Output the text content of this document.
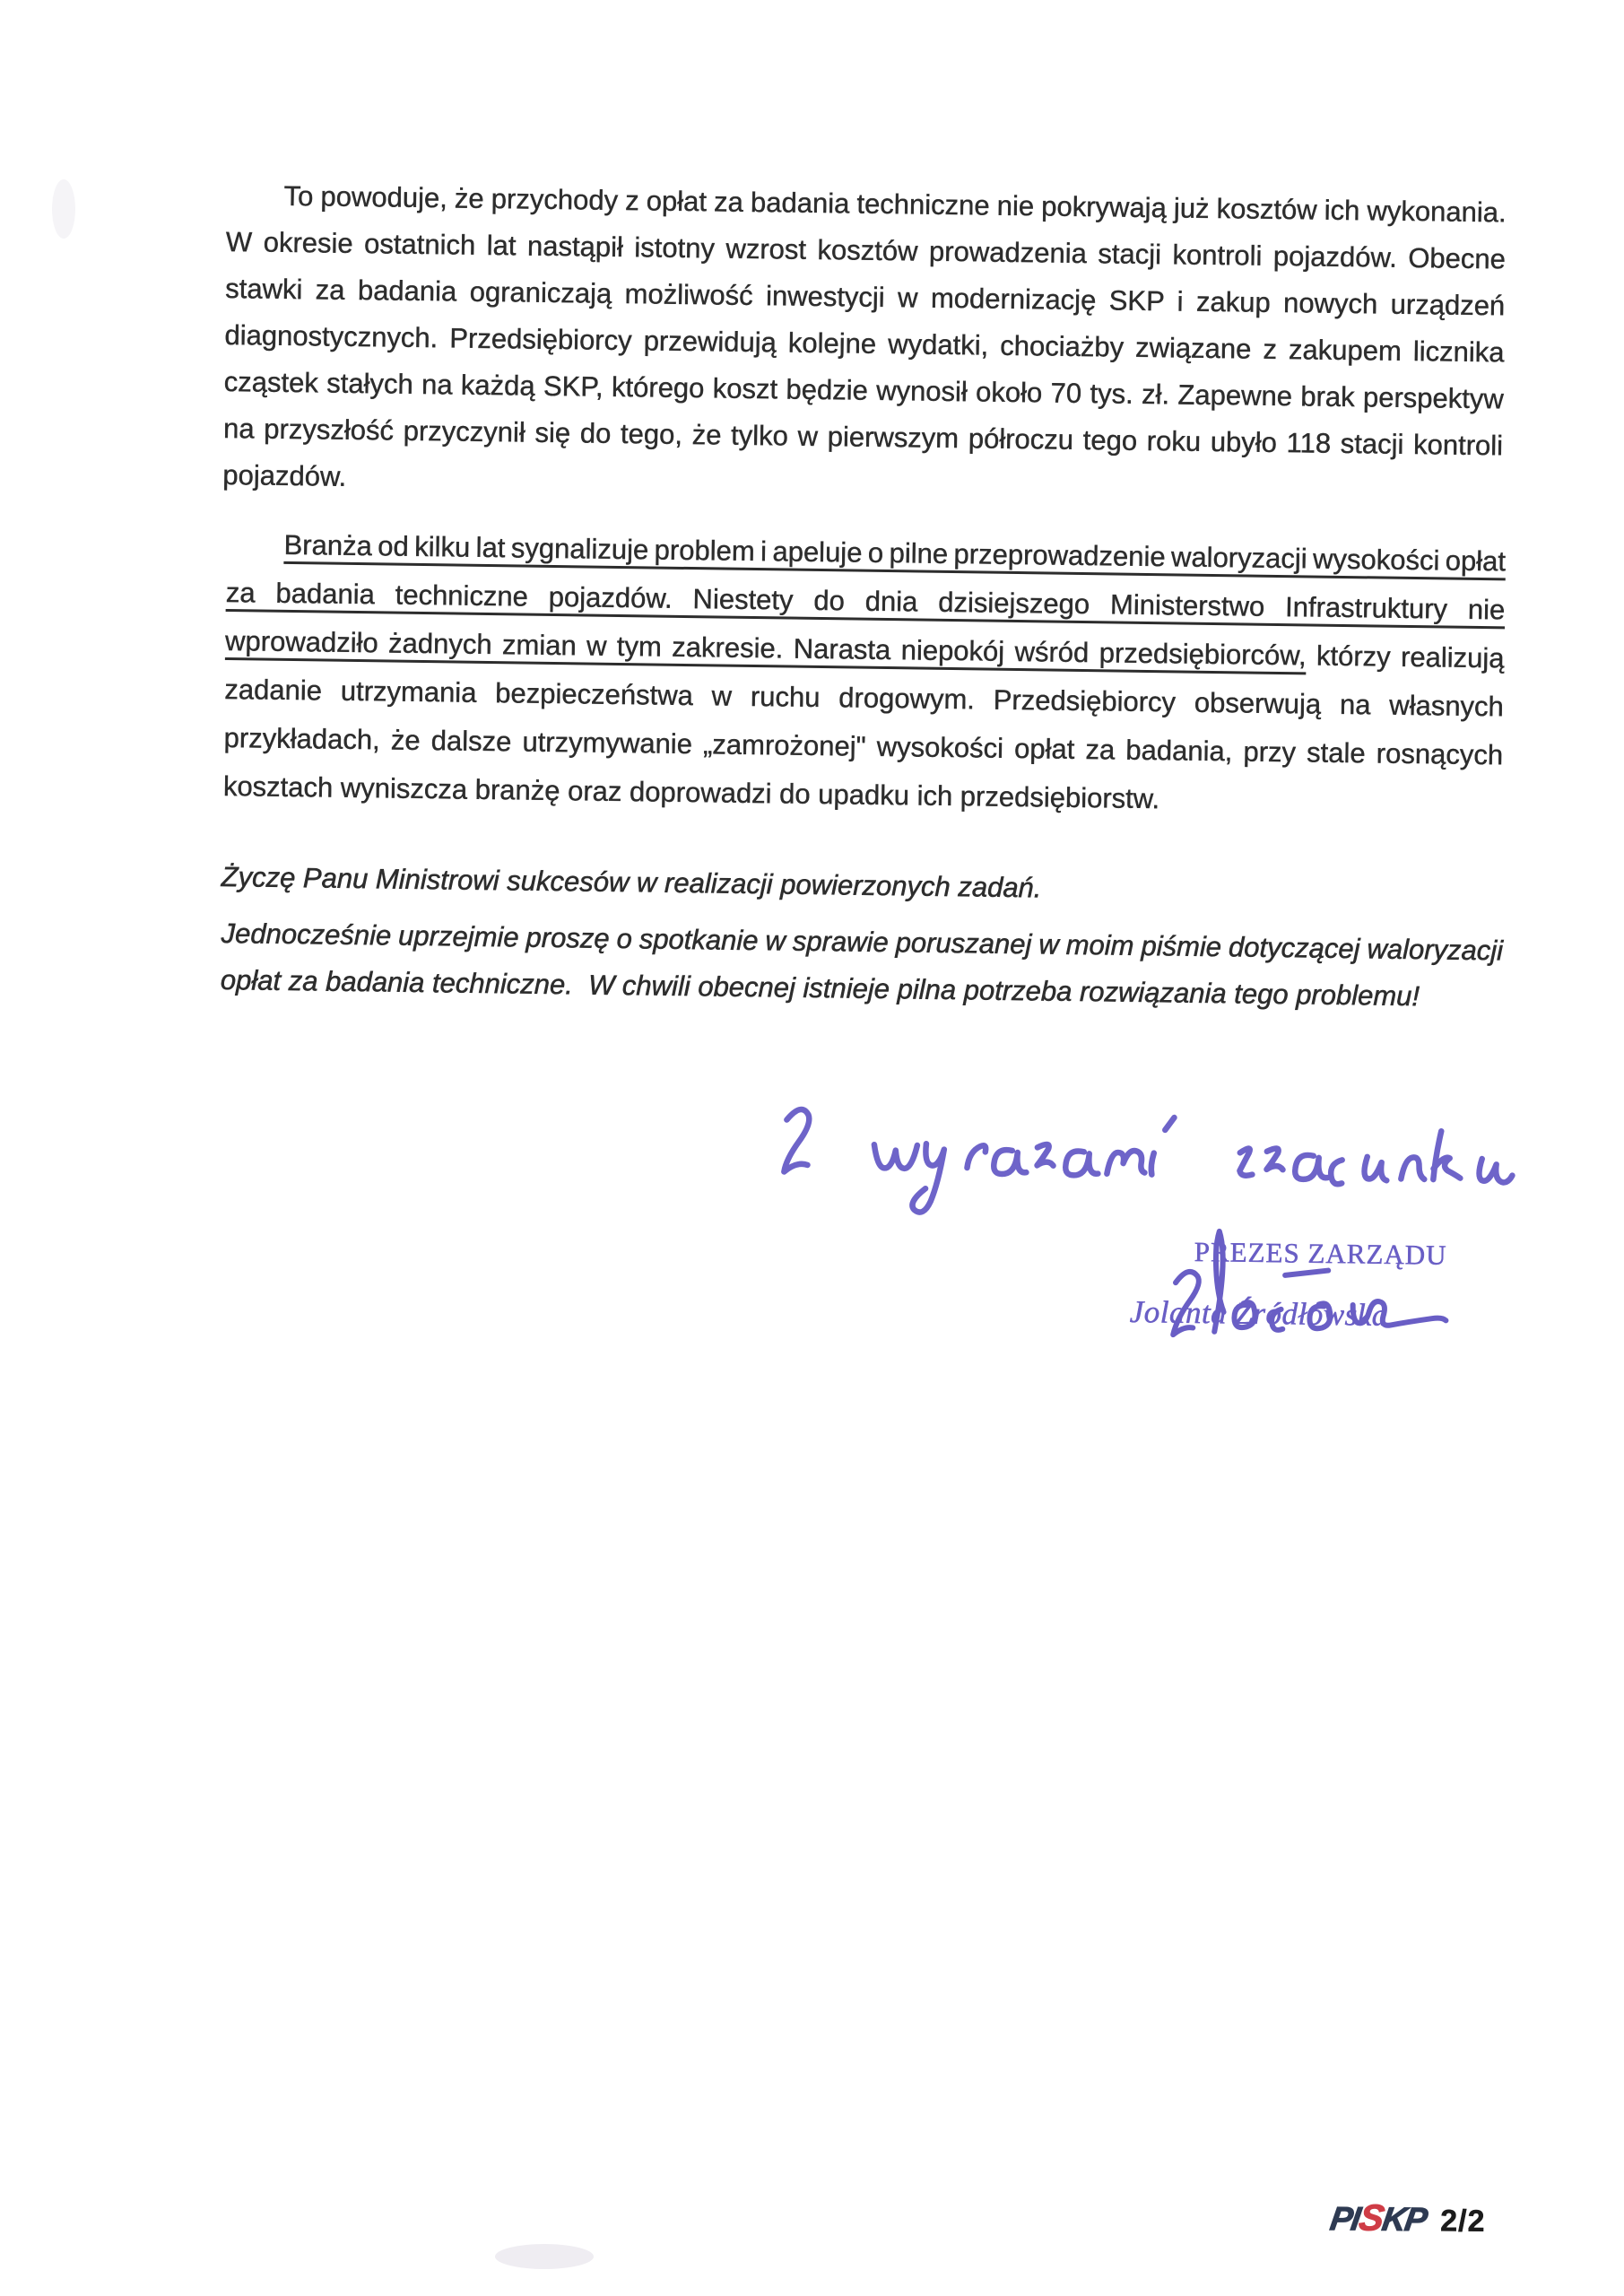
To powoduje, że przychody z opłat za badania techniczne nie pokrywają już kosztów ich wykonania.
W okresie ostatnich lat nastąpił istotny wzrost kosztów prowadzenia stacji kontroli pojazdów. Obecne
stawki za badania ograniczają możliwość inwestycji w modernizację SKP i zakup nowych urządzeń
diagnostycznych. Przedsiębiorcy przewidują kolejne wydatki, chociażby związane z zakupem licznika
cząstek stałych na każdą SKP, którego koszt będzie wynosił około 70 tys. zł. Zapewne brak perspektyw
na przyszłość przyczynił się do tego, że tylko w pierwszym półroczu tego roku ubyło 118 stacji kontroli
pojazdów.
Branża od kilku lat sygnalizuje problem i apeluje o pilne przeprowadzenie waloryzacji wysokości opłat
za badania techniczne pojazdów. Niestety do dnia dzisiejszego Ministerstwo Infrastruktury nie
wprowadziło żadnych zmian w tym zakresie. Narasta niepokój wśród przedsiębiorców, którzy realizują
zadanie utrzymania bezpieczeństwa w ruchu drogowym. Przedsiębiorcy obserwują na własnych
przykładach, że dalsze utrzymywanie „zamrożonej" wysokości opłat za badania, przy stale rosnących
kosztach wyniszcza branżę oraz doprowadzi do upadku ich przedsiębiorstw.
Życzę Panu Ministrowi sukcesów w realizacji powierzonych zadań.
Jednocześnie uprzejmie proszę o spotkanie w sprawie poruszanej w moim piśmie dotyczącej waloryzacji
opłat za badania techniczne.  W chwili obecnej istnieje pilna potrzeba rozwiązania tego problemu!
PREZES ZARZĄDU
Jolanta Źródłowska
PISKP 2/2
